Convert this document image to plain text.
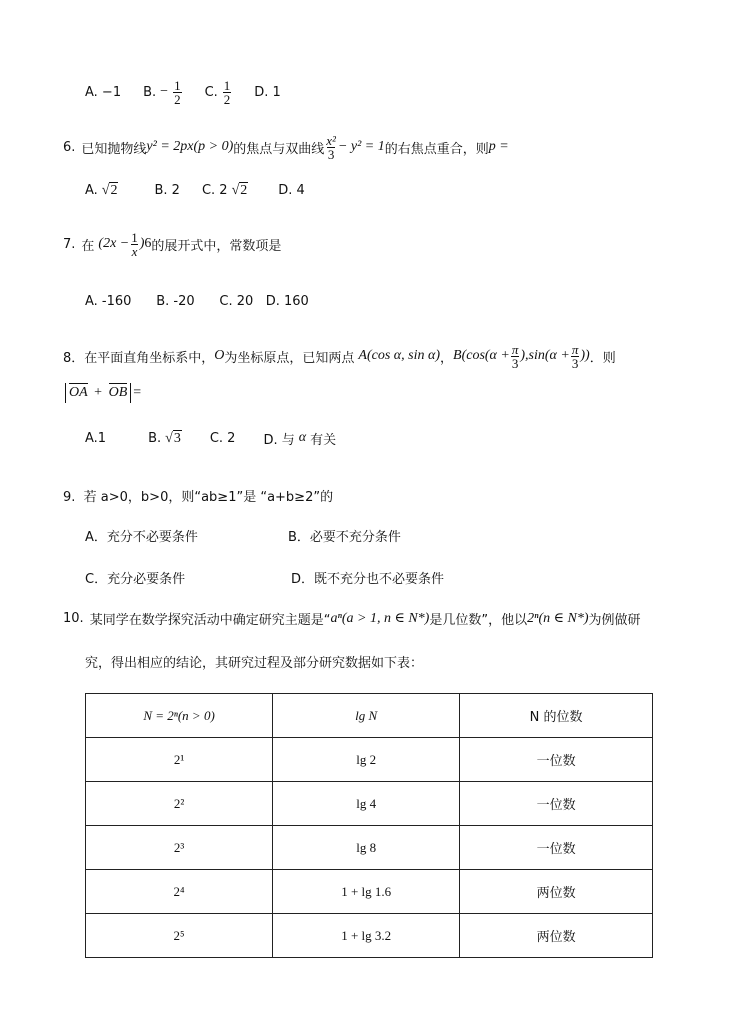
A. −1 B. − $\frac{1}{2} C$. $\frac{1}{2} D$. 1
6. 已知抛物线 y² = 2px(p > 0) 的焦点与双曲线 $\frac{\text{x²}}{3} - y^2 = 1$ 的右焦点重合，则 p =
A. √ 2	B. 2 C. 2 √ 2 D. 4
7. 在 ($2x - \frac{1}{x}$ ) 6 的展开式中，常数项是
A. -160      B. -20      C. 20   D. 160
8．在平面直角坐标系中， O 为坐标原点，已知两点 A(cos α, sin α) ， $B(\cos(\alpha + \frac{\pi}{3} ),\sin(\alpha + \frac{\pi}{3}$ )) ．则
OA + OB =
A.1	B. √ 3 C. 2 D. 与 α 有关
9.  若 a>0，b>0，则“ab≥1”是 “a+b≥2”的
A．充分不必要条件	B．必要不充分条件
C．充分必要条件	D．既不充分也不必要条件
10. 某同学在数学探究活动中确定研究主题是“ aⁿ(a > 1, n ∈ N*) 是几位数”，他以 2ⁿ(n ∈ N*) 为例做研
究，得出相应的结论，其研究过程及部分研究数据如下表：
N = 2ⁿ(n > 0)	lg N	N 的位数
2¹	lg 2	一位数
2²	lg 4	一位数
2³	lg 8	一位数
2⁴	1 + lg 1.6	两位数
2⁵	1 + lg 3.2	两位数
